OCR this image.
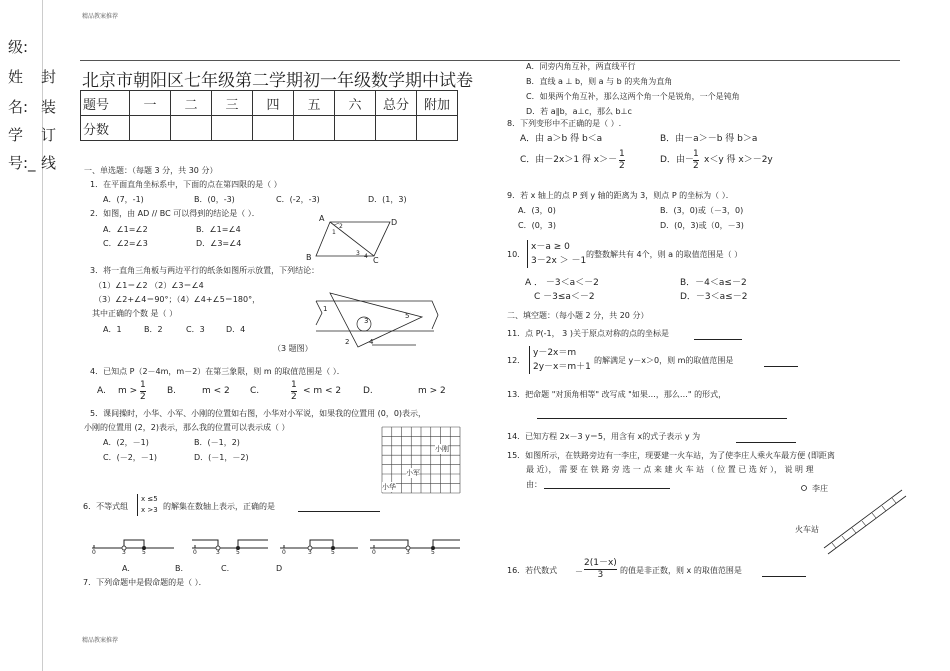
精品教案推荐
精品教案推荐
级:
姓
名:
学
号:_
封
装
订
线
北京市朝阳区七年级第二学期初一年级数学期中试卷
题号	一	二	三	四	五	六	总分	附加
分数								
一、单选题：（每题 3 分，共 30 分）
1．在平面直角坐标系中，下面的点在第四限的是（ ）
A．(7，-1)	B．(0，-3)	C．(-2，-3)	D．(1，3)
2．如图，由 AD // BC 可以得到的结论是（ ）．
A．∠1=∠2	B．∠1=∠4
C．∠2=∠3	D．∠3=∠4
A	D
B	C
1
2
3 4
3．将一直角三角板与两边平行的纸条如图所示放置，下列结论：
（1）∠1＝∠2 （2）∠3＝∠4
（3）∠2+∠4＝90°；（4）∠4+∠5＝180°，
其中正确的个数 是（ ）
A．1	B．2	C．3	D．4
1
2
3
4
5
（3 题图）
4．已知点 P（2－4m，m－2）在第三象限，则 m 的取值范围是（ ）．
A. $m > \frac{1}{2} B$.	m < 2 C.	$\frac{1}{2} < m < 2$ D.	m > 2
5．课间操时，小华、小军、小刚的位置如右图，小华对小军说，如果我的位置用 (0，0)表示，
小刚的位置用 (2，2)表示，那么我的位置可以表示成（ ）
A．(2，－1)	B．(－1，2)
C．(－2，－1)	D．(－1，－2)
小刚
小军
小华
6．不等式组
x ≤5
x >3 的解集在数轴上表示，正确的是
0	3	5	0	3	5	0	3	5	0	3	5
A.	B.	C.	D
7．下列命题中是假命题的是（ ）．
A．同旁内角互补，两直线平行
B．直线 a ⊥ b，则 a 与 b 的夹角为直角
C．如果两个角互补，那么这两个角一个是锐角，一个是钝角
D．若 a∥b，a⊥c，那么 b⊥c
8．下列变形中不正确的是（ ）.
A．由 a＞b 得 b＜a	B．由－a＞－b 得 b＞a
C．由－2x＞1 得 $x>- \frac{1}{2}$	D．由－ $\frac{1}{2} x<y$ 得 x＞－2y
9．若 x 轴上的点 P 到 y 轴的距离为 3，则点 P 的坐标为（ ）．
A．(3，0)	B．(3，0)或（－3，0)
C．(0，3)	D．(0，3)或（0，－3)
10．
x－a ≥ 0
3－2x ＞ －1
的整数解共有 4个，则 a 的取值范围是（ ）
A ． －3＜a＜－2	B．－4＜a≤－2
C －3≤a＜－2	D．－3＜a≤－2
二、填空题：（每小题 2 分，共 20 分）
11．点 P(-1， 3 )关于原点对称的点的坐标是
12．
y－2x＝m
2y－x＝m＋1
的解满足 y－x＞0，则 m的取值范围是
13．把命题 "对顶角相等" 改写成 "如果…，那么…" 的形式，
14．已知方程 2x－3 y＝5，用含有 x的式子表示 y 为
15．如图所示，在铁路旁边有一李庄，现要建一火车站，为了使李庄人乘火车最方便 (即距离
最 近）， 需 要 在 铁 路 旁 选 一 点 来 建 火 车 站 （ 位 置 已 选 好 ）， 说 明 理
由：	李庄
火车站
16．若代数式 － $\frac{2(1-x)}{3}$ 的值是非正数，则 x 的取值范围是
